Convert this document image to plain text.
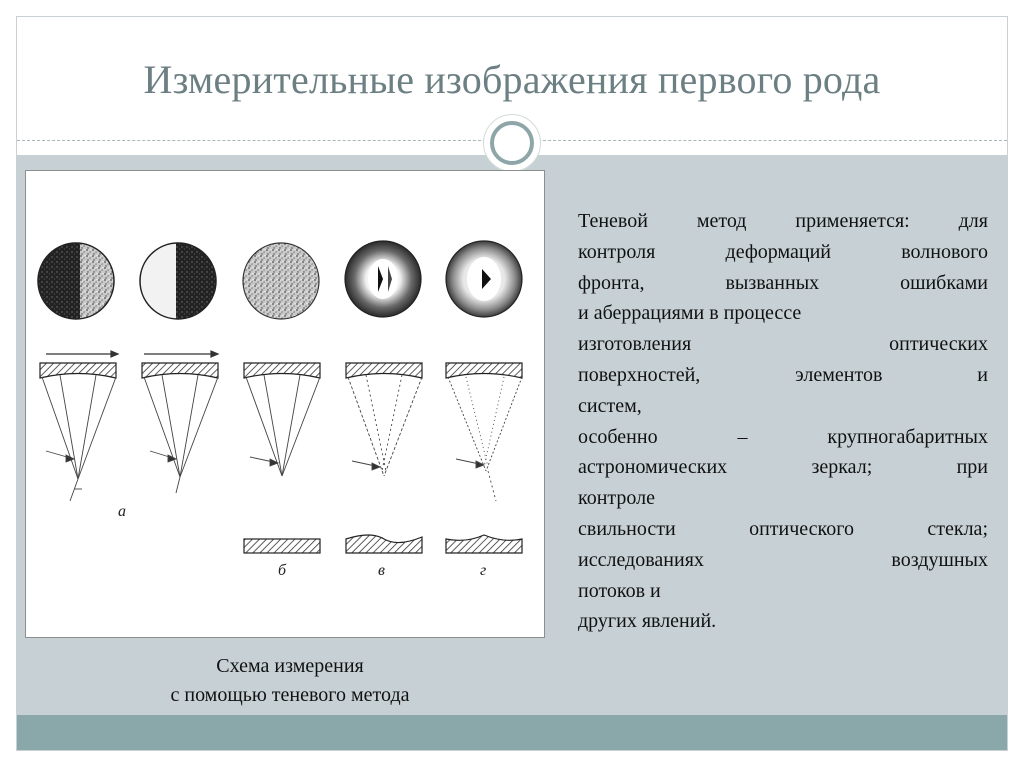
Измерительные изображения первого рода
а
б	в	г
Схема измерения
с помощью теневого метода
Теневой метод применяется: для
контроля деформаций волнового
фронта, вызванных ошибками
и аберрациями в процессе
изготовления оптических
поверхностей, элементов и
систем,
особенно – крупногабаритных
астрономических зеркал; при
контроле
свильности оптического стекла;
исследованиях воздушных
потоков и
других явлений.
